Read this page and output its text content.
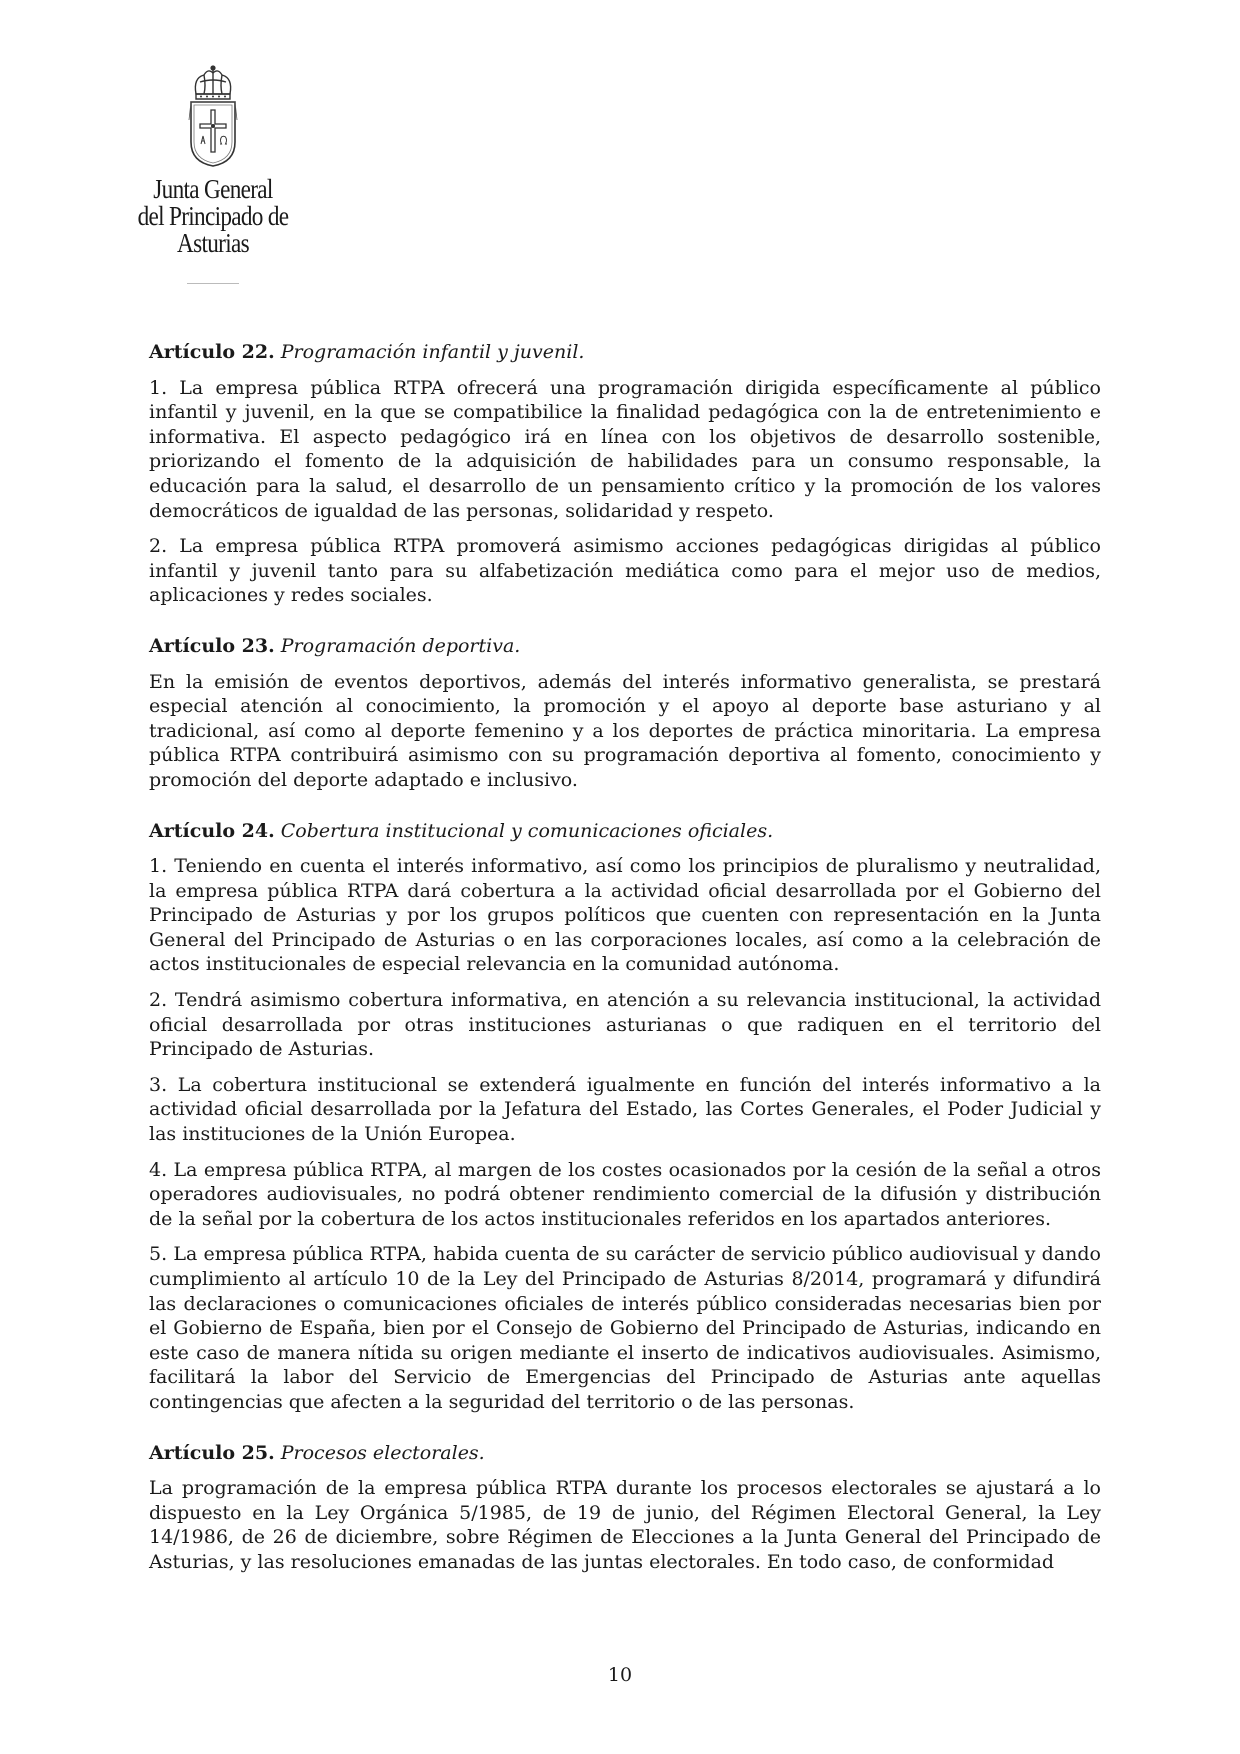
Junta General
del Principado de Asturias
Artículo 22. Programación infantil y juvenil.

1. La empresa pública RTPA ofrecerá una programación dirigida específicamente al público infantil y juvenil, en la que se compatibilice la finalidad pedagógica con la de entretenimiento e informativa. El aspecto pedagógico irá en línea con los objetivos de desarrollo sostenible, priorizando el fomento de la adquisición de habilidades para un consumo responsable, la educación para la salud, el desarrollo de un pensamiento crítico y la promoción de los valores democráticos de igualdad de las personas, solidaridad y respeto.

2. La empresa pública RTPA promoverá asimismo acciones pedagógicas dirigidas al público infantil y juvenil tanto para su alfabetización mediática como para el mejor uso de medios, aplicaciones y redes sociales.

Artículo 23. Programación deportiva.

En la emisión de eventos deportivos, además del interés informativo generalista, se prestará especial atención al conocimiento, la promoción y el apoyo al deporte base asturiano y al tradicional, así como al deporte femenino y a los deportes de práctica minoritaria. La empresa pública RTPA contribuirá asimismo con su programación deportiva al fomento, conocimiento y promoción del deporte adaptado e inclusivo.

Artículo 24. Cobertura institucional y comunicaciones oficiales.

1. Teniendo en cuenta el interés informativo, así como los principios de pluralismo y neutralidad, la empresa pública RTPA dará cobertura a la actividad oficial desarrollada por el Gobierno del Principado de Asturias y por los grupos políticos que cuenten con representación en la Junta General del Principado de Asturias o en las corporaciones locales, así como a la celebración de actos institucionales de especial relevancia en la comunidad autónoma.

2. Tendrá asimismo cobertura informativa, en atención a su relevancia institucional, la actividad oficial desarrollada por otras instituciones asturianas o que radiquen en el territorio del Principado de Asturias.

3. La cobertura institucional se extenderá igualmente en función del interés informativo a la actividad oficial desarrollada por la Jefatura del Estado, las Cortes Generales, el Poder Judicial y las instituciones de la Unión Europea.

4. La empresa pública RTPA, al margen de los costes ocasionados por la cesión de la señal a otros operadores audiovisuales, no podrá obtener rendimiento comercial de la difusión y distribución de la señal por la cobertura de los actos institucionales referidos en los apartados anteriores.

5. La empresa pública RTPA, habida cuenta de su carácter de servicio público audiovisual y dando cumplimiento al artículo 10 de la Ley del Principado de Asturias 8/2014, programará y difundirá las declaraciones o comunicaciones oficiales de interés público consideradas necesarias bien por el Gobierno de España, bien por el Consejo de Gobierno del Principado de Asturias, indicando en este caso de manera nítida su origen mediante el inserto de indicativos audiovisuales. Asimismo, facilitará la labor del Servicio de Emergencias del Principado de Asturias ante aquellas contingencias que afecten a la seguridad del territorio o de las personas.

Artículo 25. Procesos electorales.

La programación de la empresa pública RTPA durante los procesos electorales se ajustará a lo dispuesto en la Ley Orgánica 5/1985, de 19 de junio, del Régimen Electoral General, la Ley 14/1986, de 26 de diciembre, sobre Régimen de Elecciones a la Junta General del Principado de Asturias, y las resoluciones emanadas de las juntas electorales. En todo caso, de conformidad

10
